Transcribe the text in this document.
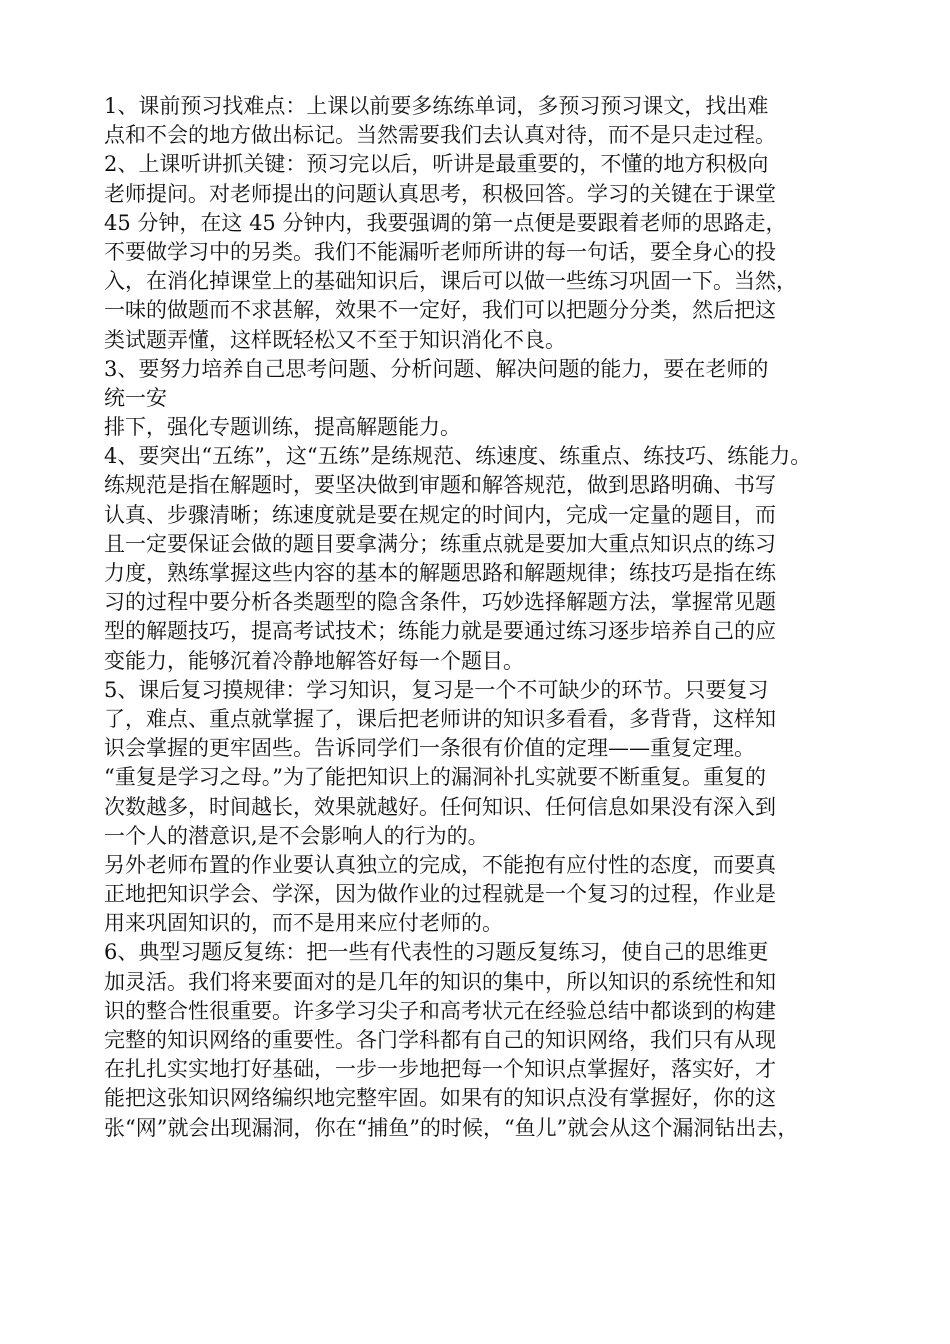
1、课前预习找难点：上课以前要多练练单词，多预习预习课文，找出难
点和不会的地方做出标记。当然需要我们去认真对待，而不是只走过程。
2、上课听讲抓关键：预习完以后，听讲是最重要的，不懂的地方积极向
老师提问。对老师提出的问题认真思考，积极回答。学习的关键在于课堂
45 分钟，在这 45 分钟内，我要强调的第一点便是要跟着老师的思路走，
不要做学习中的另类。我们不能漏听老师所讲的每一句话，要全身心的投
入，在消化掉课堂上的基础知识后，课后可以做一些练习巩固一下。当然，
一味的做题而不求甚解，效果不一定好，我们可以把题分分类，然后把这
类试题弄懂，这样既轻松又不至于知识消化不良。
3、要努力培养自己思考问题、分析问题、解决问题的能力，要在老师的
统一安
排下，强化专题训练，提高解题能力。
4、要突出“五练”，这“五练”是练规范、练速度、练重点、练技巧、练能力。
练规范是指在解题时，要坚决做到审题和解答规范，做到思路明确、书写
认真、步骤清晰；练速度就是要在规定的时间内，完成一定量的题目，而
且一定要保证会做的题目要拿满分；练重点就是要加大重点知识点的练习
力度，熟练掌握这些内容的基本的解题思路和解题规律；练技巧是指在练
习的过程中要分析各类题型的隐含条件，巧妙选择解题方法，掌握常见题
型的解题技巧，提高考试技术；练能力就是要通过练习逐步培养自己的应
变能力，能够沉着冷静地解答好每一个题目。
5、课后复习摸规律：学习知识，复习是一个不可缺少的环节。只要复习
了，难点、重点就掌握了，课后把老师讲的知识多看看，多背背，这样知
识会掌握的更牢固些。告诉同学们一条很有价值的定理——重复定理。
“重复是学习之母。”为了能把知识上的漏洞补扎实就要不断重复。重复的
次数越多，时间越长，效果就越好。任何知识、任何信息如果没有深入到
一个人的潜意识,是不会影响人的行为的。
另外老师布置的作业要认真独立的完成，不能抱有应付性的态度，而要真
正地把知识学会、学深，因为做作业的过程就是一个复习的过程，作业是
用来巩固知识的，而不是用来应付老师的。
6、典型习题反复练：把一些有代表性的习题反复练习，使自己的思维更
加灵活。我们将来要面对的是几年的知识的集中，所以知识的系统性和知
识的整合性很重要。许多学习尖子和高考状元在经验总结中都谈到的构建
完整的知识网络的重要性。各门学科都有自己的知识网络，我们只有从现
在扎扎实实地打好基础，一步一步地把每一个知识点掌握好，落实好，才
能把这张知识网络编织地完整牢固。如果有的知识点没有掌握好，你的这
张“网”就会出现漏洞，你在“捕鱼”的时候，“鱼儿”就会从这个漏洞钻出去，
